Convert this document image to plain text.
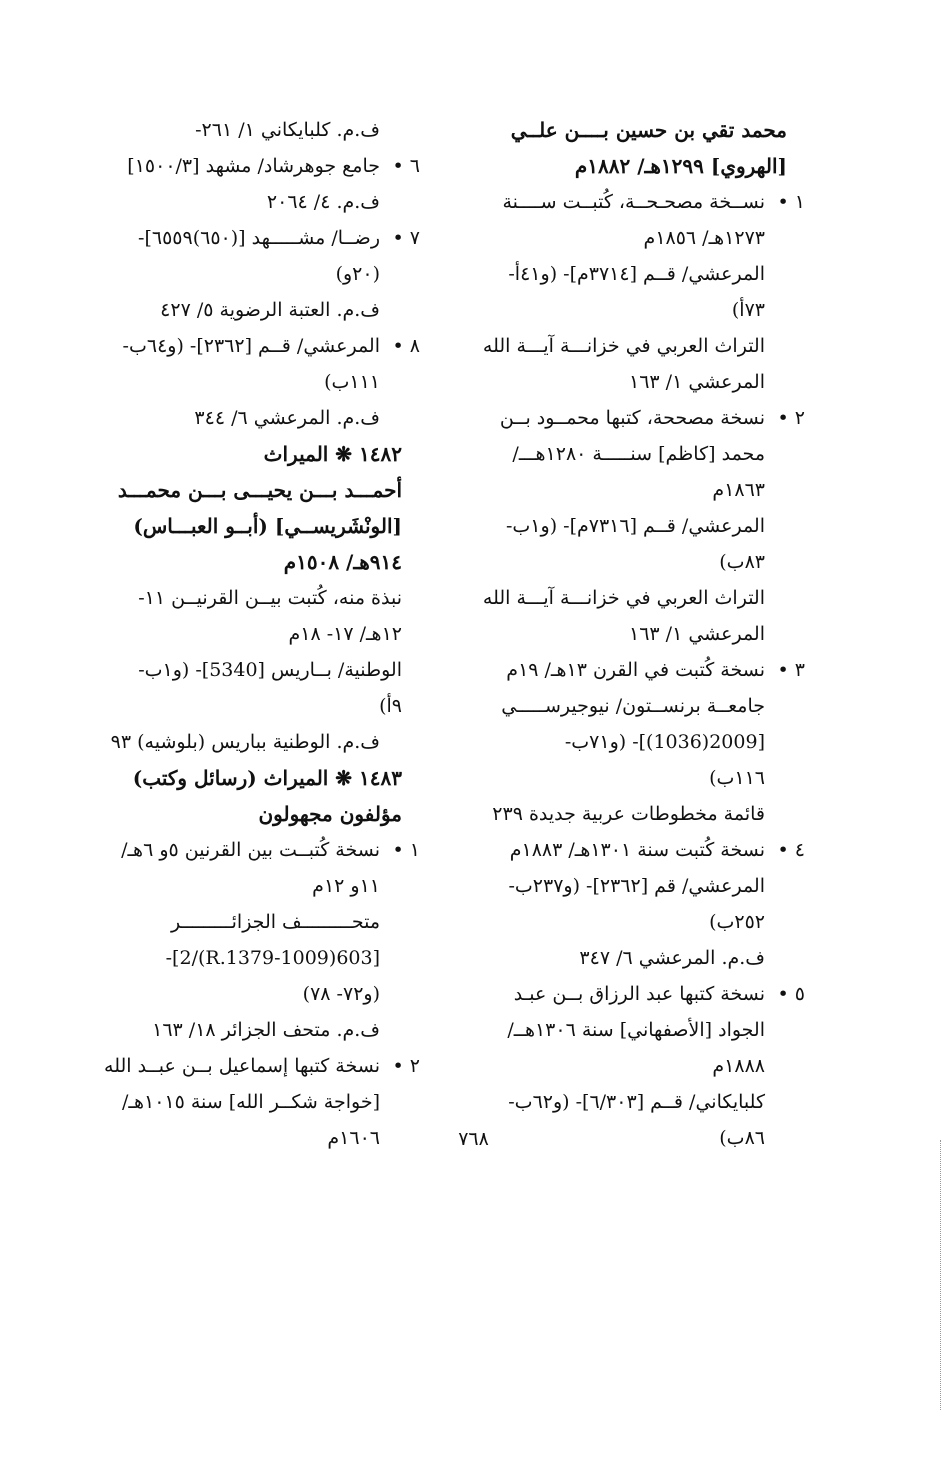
محمد تقي بن حسين بــــن علــي
[الهروي] ١٢٩٩هـ/ ١٨٨٢م
١ •
نســخة مصحـحــة، كُتبــت ســــنة
١٢٧٣هـ/ ١٨٥٦م
المرعشي/ قــم [٣٧١٤م]- (و٤١أ-
٧٣أ)
التراث العربي في خزانـــة آيـــة الله
المرعشي ١/ ١٦٣
٢ •
نسخة مصححة، كتبها محمــود بــن
محمد [كاظم] سنـــــة ١٢٨٠هـــ/
١٨٦٣م
المرعشي/ قــم [٧٣١٦م]- (و١ب-
٨٣ب)
التراث العربي في خزانـــة آيـــة الله
المرعشي ١/ ١٦٣
٣ •
نسخة كُتبت في القرن ١٣هـ/ ١٩م
جامعــة برنســتون/ نيوجيرســـــي
[2009(1036)]- (و٧١ب-
١١٦ب)
قائمة مخطوطات عربية جديدة ٢٣٩
٤ •
نسخة كُتبت سنة ١٣٠١هـ/ ١٨٨٣م
المرعشي/ قم [٢٣٦٢]- (و٢٣٧ب-
٢٥٢ب)
ف.م. المرعشي ٦/ ٣٤٧
٥ •
نسخة كتبها عبد الرزاق بــن عبـد
الجواد [الأصفهاني] سنة ١٣٠٦هــ/
١٨٨٨م
كلبايكاني/ قــم [٦/٣٠٣]- (و٦٢ب-
٨٦ب)
ف.م. كلبايكاني ١/ ٢٦١-
٦ •
جامع جوهرشاد/ مشهد [١٥٠٠/٣]
ف.م. ٤/ ٢٠٦٤
٧ •
رضــا/ مشـــــهد [(٦٥٠)٦٥٥٩]-
(٢٠و)
ف.م. العتبة الرضوية ٥/ ٤٢٧
٨ •
المرعشي/ قــم [٢٣٦٢]- (و٦٤ب-
١١١ب)
ف.م. المرعشي ٦/ ٣٤٤
١٤٨٢ ❋ الميراث
أحمـــد بـــن يحيـــى بـــن محمـــد
[الونْشَريســي] (أبــو العبـــاس)
٩١٤هـ/ ١٥٠٨م
نبذة منه، كُتبت بيــن القرنيــن ١١-
١٢هـ/ ١٧- ١٨م
الوطنية/ بــاريس [5340]- (و١ب-
٩أ)
ف.م. الوطنية بباريس (بلوشيه) ٩٣
١٤٨٣ ❋ الميراث (رسائل وكتب)
مؤلفون مجهولون
١ •
نسخة كُتبــت بين القرنين ٥و ٦هـ/
١١و ١٢م
متحـــــــــف الجزائـــــــــر
[603(1009-R.1379)/2]-
(و٧٢- ٧٨)
ف.م. متحف الجزائر ١٨/ ١٦٣
٢ •
نسخة كتبها إسماعيل بــن عبــد الله
[خواجة شكــر الله] سنة ١٠١٥هـ/
١٦٠٦م	٧٦٨
